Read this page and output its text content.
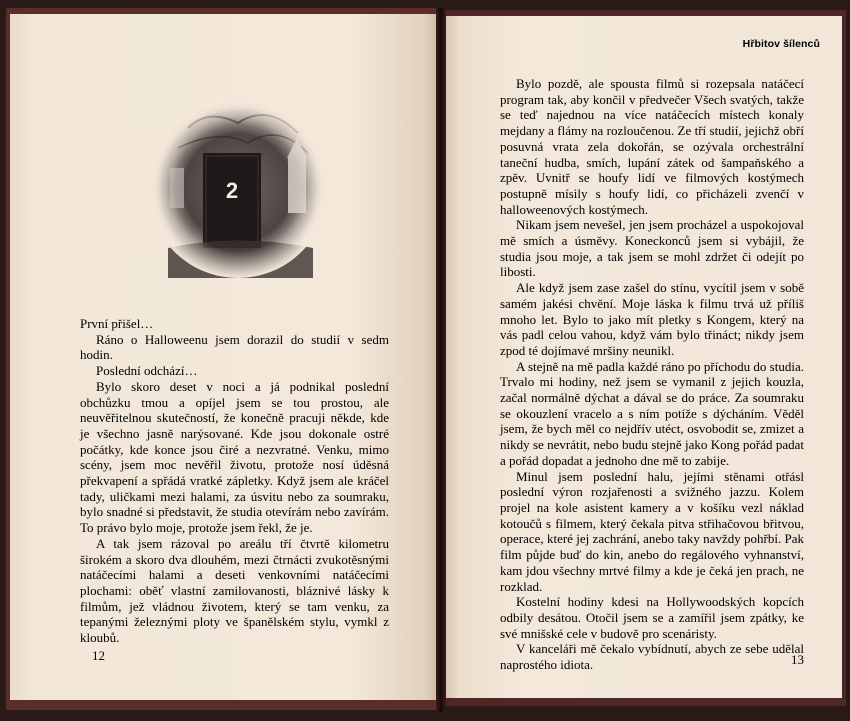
Hřbitov šílenců

První přišel…

Ráno o Halloweenu jsem dorazil do studií v sedm hodin.

Poslední odchází…

Bylo skoro deset v noci a já podnikal poslední obchůzku tmou a opíjel jsem se tou prostou, ale neuvěřitelnou skutečností, že konečně pracuji někde, kde je všechno jasně narýsované. Kde jsou dokonale ostré počátky, kde konce jsou čiré a nezvratné. Venku, mimo scény, jsem moc nevěřil životu, protože nosí úděsná překvapení a spřádá vratké zápletky. Když jsem ale kráčel tady, uličkami mezi halami, za úsvitu nebo za soumraku, bylo snadné si představit, že studia otevírám nebo zavírám. To právo bylo moje, protože jsem řekl, že je.

A tak jsem rázoval po areálu tří čtvrtě kilometru širokém a skoro dva dlouhém, mezi čtrnácti zvukotěsnými natáčecími halami a deseti venkovními natáčecími plochami: oběť vlastní zamilovanosti, bláznivé lásky k filmům, jež vládnou životem, který se tam venku, za tepanými železnými ploty ve španělském stylu, vymkl z kloubů.

Bylo pozdě, ale spousta filmů si rozepsala natáčecí program tak, aby končil v předvečer Všech svatých, takže se teď najednou na více natáčecích místech konaly mejdany a flámy na rozloučenou. Ze tří studií, jejichž obří posuvná vrata zela dokořán, se ozývala orchestrální taneční hudba, smích, lupání zátek od šampaňského a zpěv. Uvnitř se houfy lidí ve filmových kostýmech postupně mísily s houfy lidí, co přicházeli zvenčí v halloweenových kostýmech.

Nikam jsem nevešel, jen jsem procházel a uspokojoval mě smích a úsměvy. Koneckonců jsem si vybájil, že studia jsou moje, a tak jsem se mohl zdržet či odejít po libosti.

Ale když jsem zase zašel do stínu, vycítil jsem v sobě samém jakési chvění. Moje láska k filmu trvá už příliš mnoho let. Bylo to jako mít pletky s Kongem, který na vás padl celou vahou, když vám bylo třináct; nikdy jsem zpod té dojímavé mršiny neunikl.

A stejně na mě padla každé ráno po příchodu do studia. Trvalo mi hodiny, než jsem se vymanil z jejich kouzla, začal normálně dýchat a dával se do práce. Za soumraku se okouzlení vracelo a s ním potíže s dýcháním. Věděl jsem, že bych měl co nejdřív utéct, osvobodit se, zmizet a nikdy se nevrátit, nebo budu stejně jako Kong pořád padat a pořád dopadat a jednoho dne mě to zabije.

Minul jsem poslední halu, jejími stěnami otřásl poslední výron rozjařenosti a svižného jazzu. Kolem projel na kole asistent kamery a v košíku vezl náklad kotoučů s filmem, který čekala pitva střihačovou břitvou, operace, které jej zachrání, anebo taky navždy pohřbí. Pak film půjde buď do kin, anebo do regálového vyhnanství, kam jdou všechny mrtvé filmy a kde je čeká jen prach, ne rozklad.

Kostelní hodiny kdesi na Hollywoodských kopcích odbily desátou. Otočil jsem se a zamířil jsem zpátky, ke své mnišské cele v budově pro scenáristy.

V kanceláři mě čekalo vybídnutí, abych ze sebe udělal naprostého idiota.

12	13
